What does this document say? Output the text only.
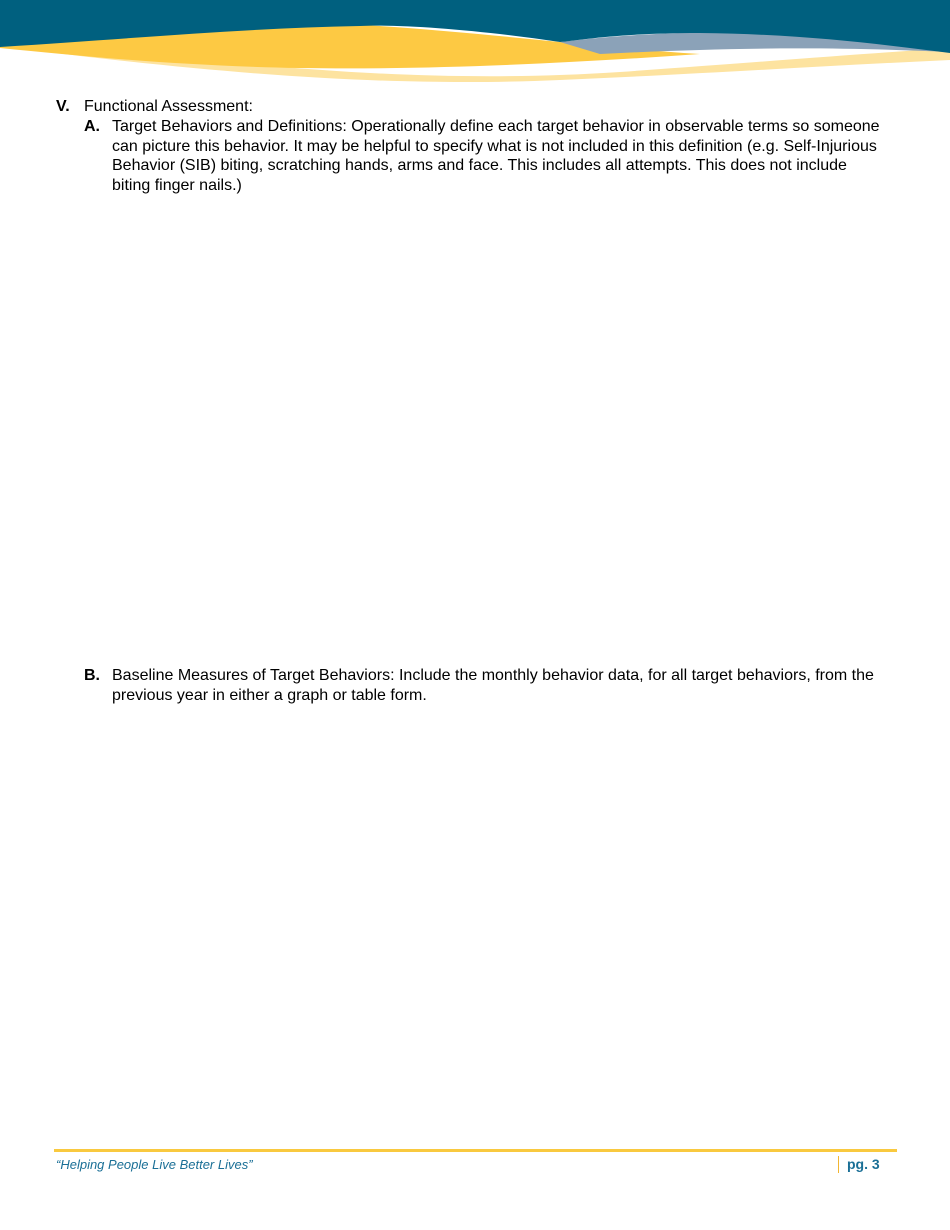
V. Functional Assessment:
A. Target Behaviors and Definitions: Operationally define each target behavior in observable terms so someone can picture this behavior. It may be helpful to specify what is not included in this definition (e.g. Self-Injurious Behavior (SIB) biting, scratching hands, arms and face. This includes all attempts. This does not include biting finger nails.)
B. Baseline Measures of Target Behaviors: Include the monthly behavior data, for all target behaviors, from the previous year in either a graph or table form.
“Helping People Live Better Lives”	pg. 3
